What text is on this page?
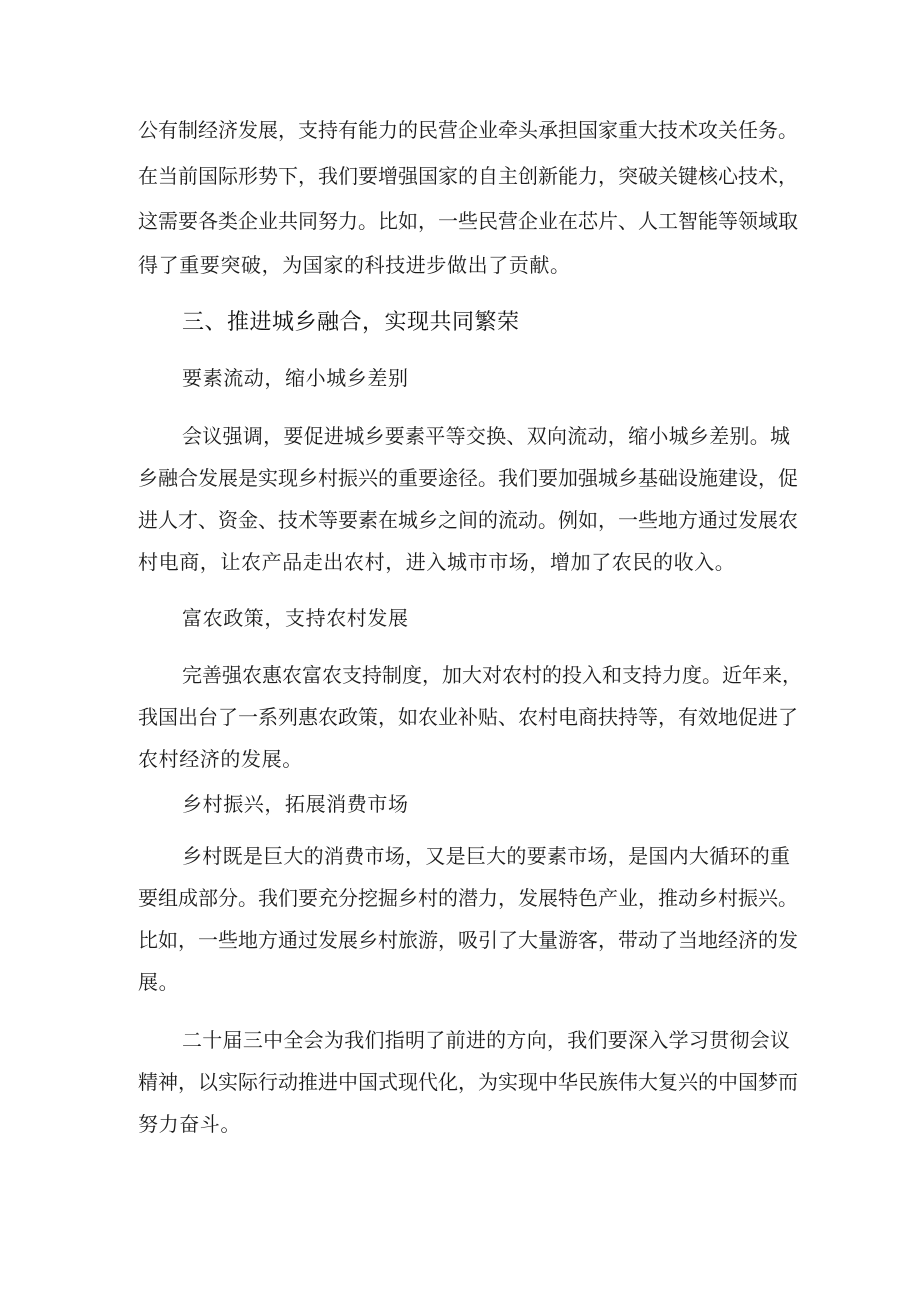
公有制经济发展，支持有能力的民营企业牵头承担国家重大技术攻关任务。
在当前国际形势下，我们要增强国家的自主创新能力，突破关键核心技术，
这需要各类企业共同努力。比如，一些民营企业在芯片、人工智能等领域取
得了重要突破，为国家的科技进步做出了贡献。
三、推进城乡融合，实现共同繁荣
要素流动，缩小城乡差别
会议强调，要促进城乡要素平等交换、双向流动，缩小城乡差别。城
乡融合发展是实现乡村振兴的重要途径。我们要加强城乡基础设施建设，促
进人才、资金、技术等要素在城乡之间的流动。例如，一些地方通过发展农
村电商，让农产品走出农村，进入城市市场，增加了农民的收入。
富农政策，支持农村发展
完善强农惠农富农支持制度，加大对农村的投入和支持力度。近年来，
我国出台了一系列惠农政策，如农业补贴、农村电商扶持等，有效地促进了
农村经济的发展。
乡村振兴，拓展消费市场
乡村既是巨大的消费市场，又是巨大的要素市场，是国内大循环的重
要组成部分。我们要充分挖掘乡村的潜力，发展特色产业，推动乡村振兴。
比如，一些地方通过发展乡村旅游，吸引了大量游客，带动了当地经济的发
展。
二十届三中全会为我们指明了前进的方向，我们要深入学习贯彻会议
精神，以实际行动推进中国式现代化，为实现中华民族伟大复兴的中国梦而
努力奋斗。
